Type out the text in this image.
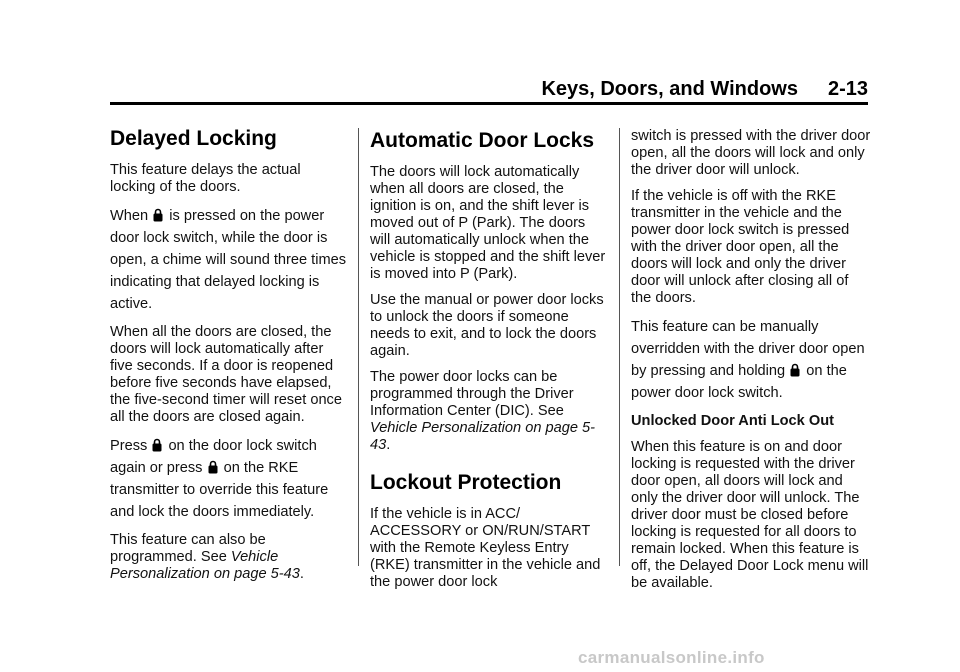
Keys, Doors, and Windows 2-13
Delayed Locking

This feature delays the actual locking of the doors.

When is pressed on the power door lock switch, while the door is open, a chime will sound three times indicating that delayed locking is active.

When all the doors are closed, the doors will lock automatically after five seconds. If a door is reopened before five seconds have elapsed, the five-second timer will reset once all the doors are closed again.

Press on the door lock switch again or press on the RKE transmitter to override this feature and lock the doors immediately.

This feature can also be programmed. See Vehicle Personalization on page 5-43.

Automatic Door Locks

The doors will lock automatically when all doors are closed, the ignition is on, and the shift lever is moved out of P (Park). The doors will automatically unlock when the vehicle is stopped and the shift lever is moved into P (Park).

Use the manual or power door locks to unlock the doors if someone needs to exit, and to lock the doors again.

The power door locks can be programmed through the Driver Information Center (DIC). See Vehicle Personalization on page 5-43.

Lockout Protection

If the vehicle is in ACC/ ACCESSORY or ON/RUN/START with the Remote Keyless Entry (RKE) transmitter in the vehicle and the power door lock

switch is pressed with the driver door open, all the doors will lock and only the driver door will unlock.

If the vehicle is off with the RKE transmitter in the vehicle and the power door lock switch is pressed with the driver door open, all the doors will lock and only the driver door will unlock after closing all of the doors.

This feature can be manually overridden with the driver door open by pressing and holding on the power door lock switch.

Unlocked Door Anti Lock Out

When this feature is on and door locking is requested with the driver door open, all doors will lock and only the driver door will unlock. The driver door must be closed before locking is requested for all doors to remain locked. When this feature is off, the Delayed Door Lock menu will be available.

carmanualsonline.info
